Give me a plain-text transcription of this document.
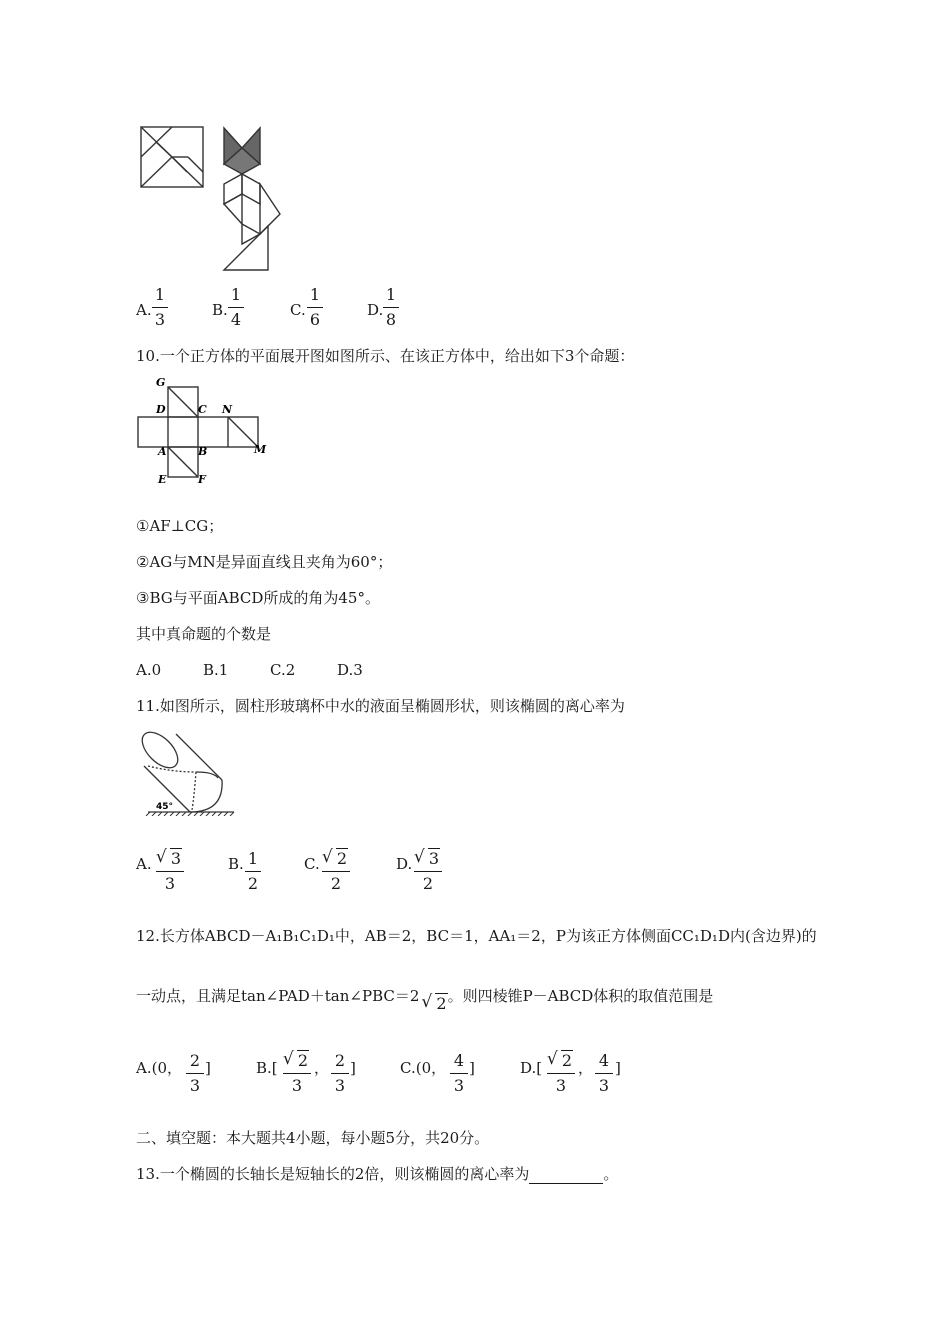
A.
1
3	B.
1
4	C.
1
6	D.
1
8
10.一个正方体的平面展开图如图所示、在该正方体中，给出如下3个命题：
G
D	C N
A	B	M
E	F
①AF⊥CG；
②AG与MN是异面直线且夹角为60°；
③BG与平面ABCD所成的角为45°。
其中真命题的个数是
A.0	B.1	C.2	D.3
11.如图所示，圆柱形玻璃杯中水的液面呈椭圆形状，则该椭圆的离心率为
45°
A.	√ 3
3
B. 1
2
C.	√ 2
2
D.	√ 3
2
12.长方体ABCD－A₁B₁C₁D₁中，AB＝2，BC＝1，AA₁＝2，P为该正方体侧面CC₁D₁D内(含边界)的
一动点，且满足tan∠PAD＋tan∠PBC＝2 √ 2。则四棱锥P－ABCD体积的取值范围是
A.(0， 2
3
]	B.[	√ 2
3
， 2
3
]	C.(0， 4
3
]	D.[	√ 2
3
， 4
3
]
二、填空题：本大题共4小题，每小题5分，共20分。
13.一个椭圆的长轴长是短轴长的2倍，则该椭圆的离心率为	。
